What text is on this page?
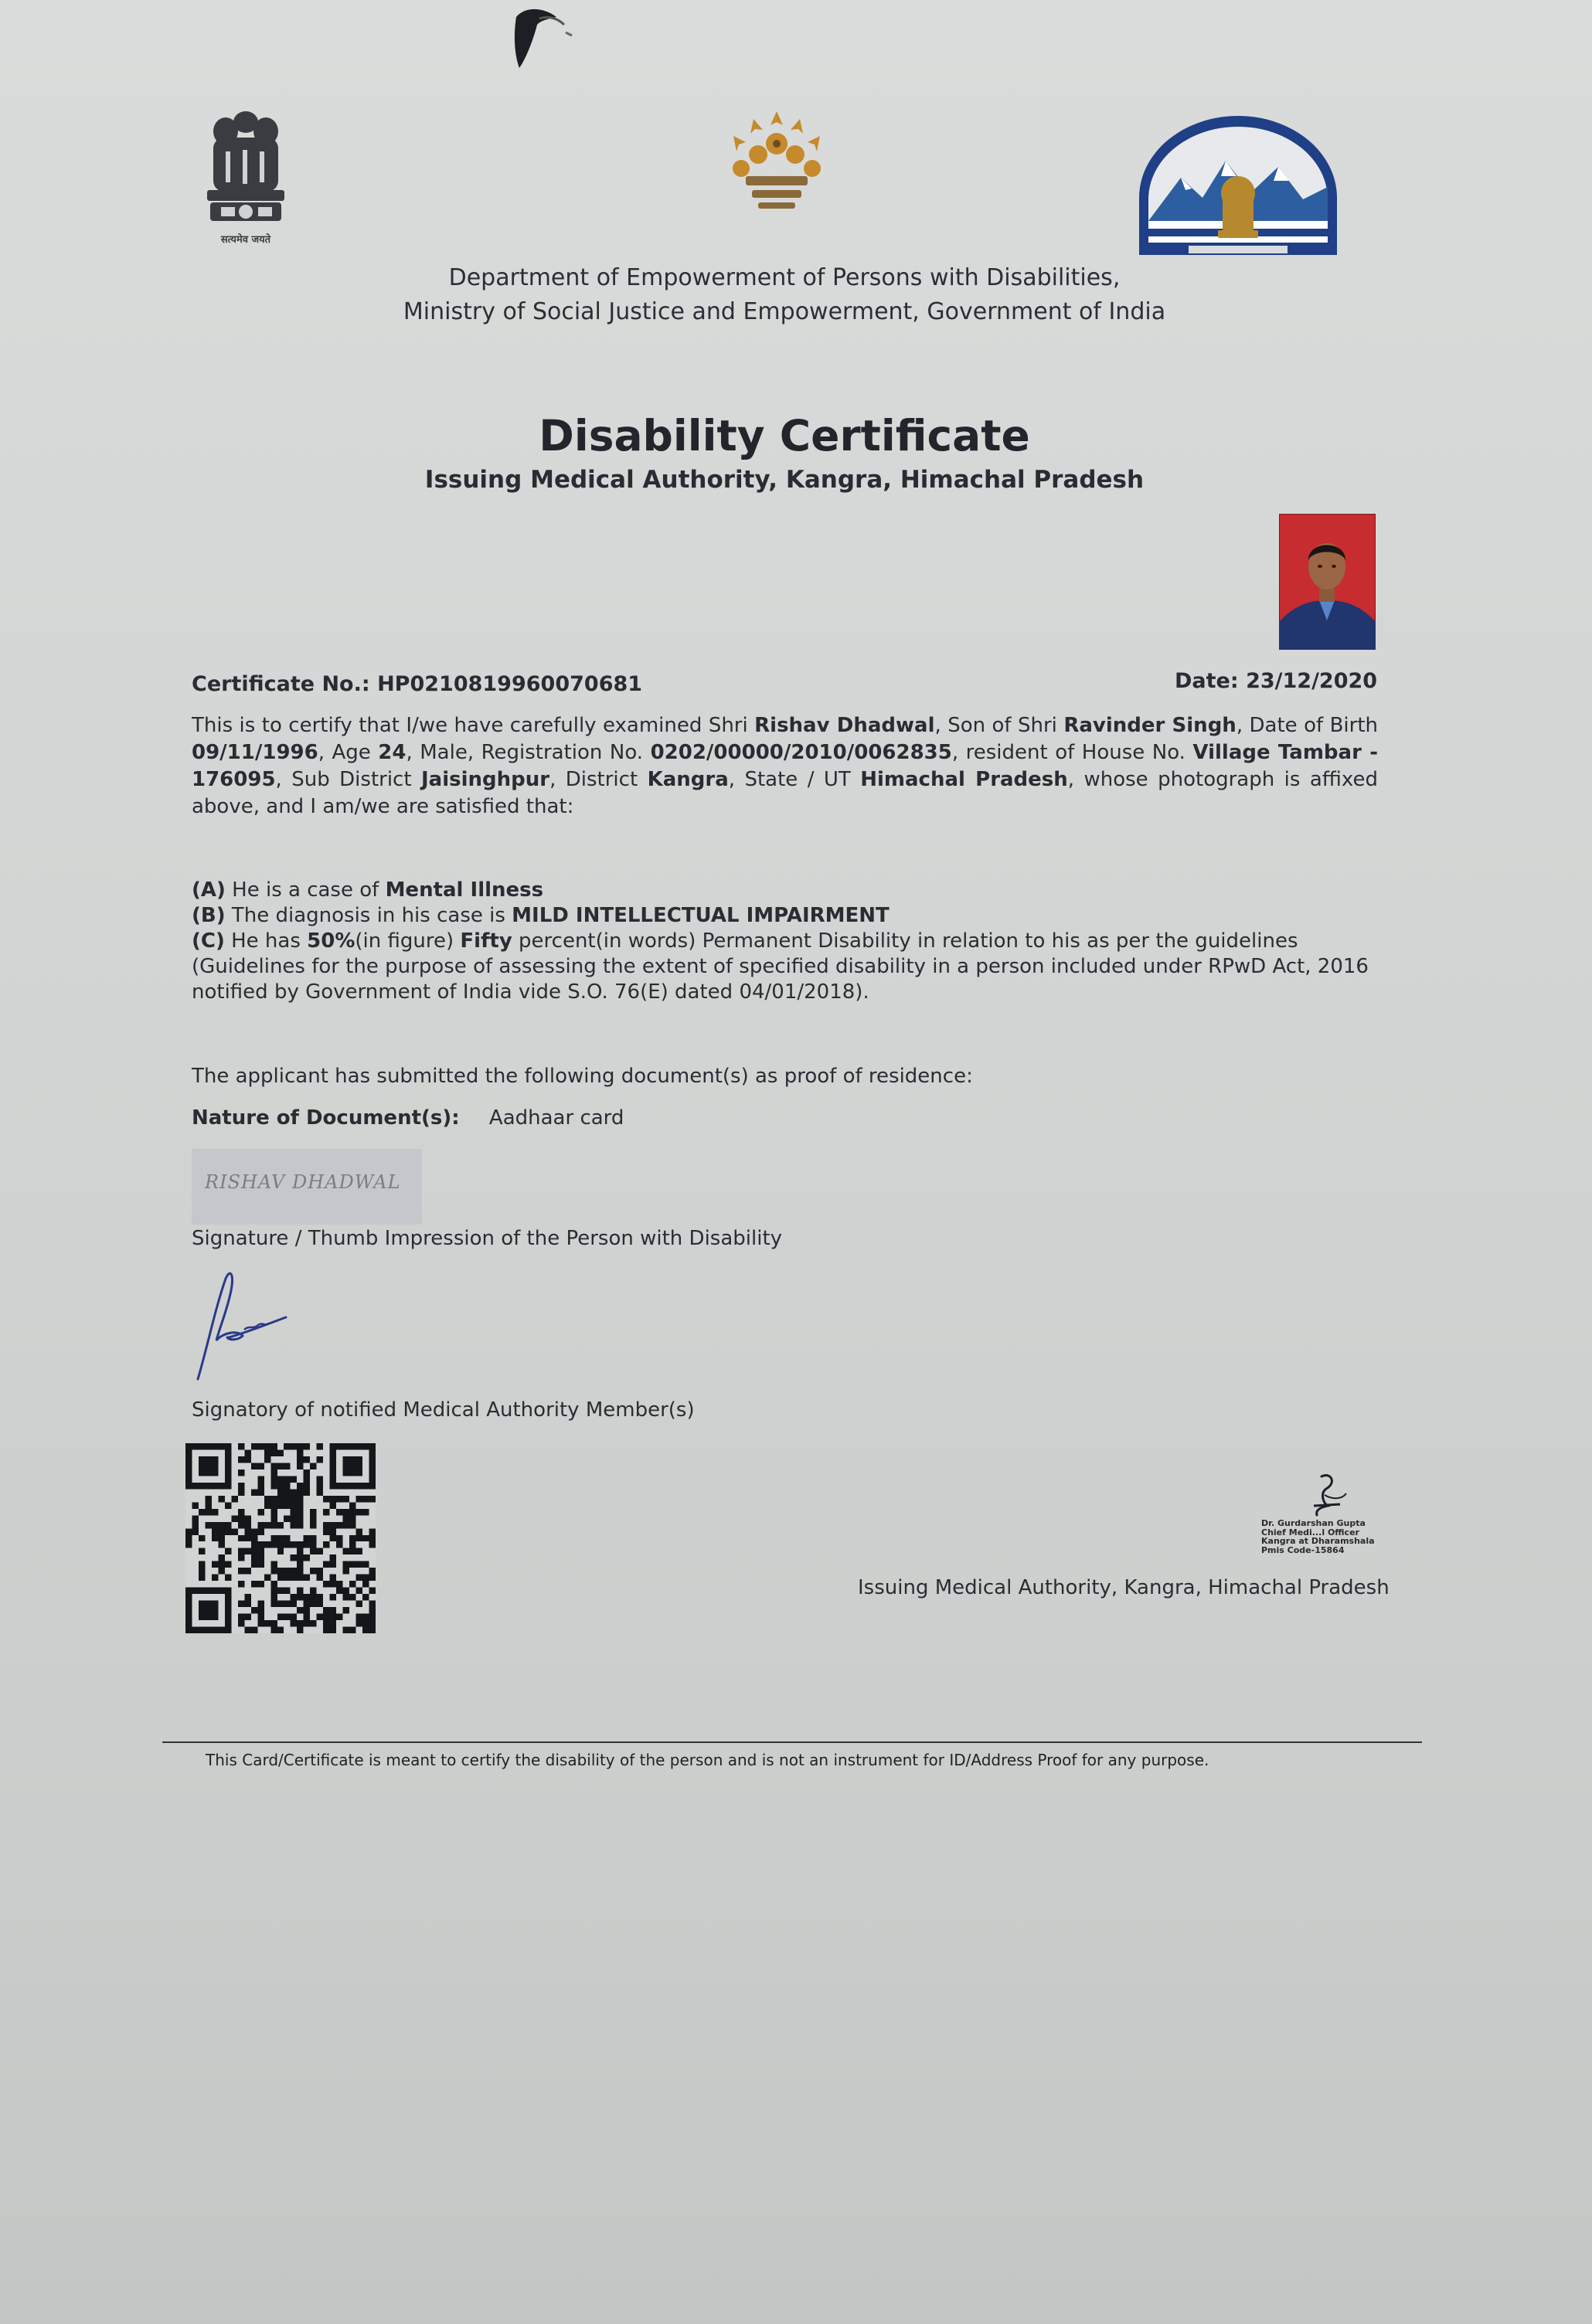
सत्यमेव जयते
Department of Empowerment of Persons with Disabilities,
Ministry of Social Justice and Empowerment, Government of India
Disability Certificate
Issuing Medical Authority, Kangra, Himachal Pradesh
Certificate No.: HP0210819960070681	Date: 23/12/2020
This is to certify that I/we have carefully examined Shri Rishav Dhadwal, Son of Shri Ravinder Singh, Date of Birth 09/11/1996, Age 24, Male, Registration No. 0202/00000/2010/0062835, resident of House No. Village Tambar - 176095, Sub District Jaisinghpur, District Kangra, State / UT Himachal Pradesh, whose photograph is affixed above, and I am/we are satisfied that:
(A) He is a case of Mental Illness
(B) The diagnosis in his case is MILD INTELLECTUAL IMPAIRMENT
(C) He has 50%(in figure) Fifty percent(in words) Permanent Disability in relation to his as per the guidelines (Guidelines for the purpose of assessing the extent of specified disability in a person included under RPwD Act, 2016 notified by Government of India vide S.O. 76(E) dated 04/01/2018).
The applicant has submitted the following document(s) as proof of residence:
Nature of Document(s): Aadhaar card
RISHAV DHADWAL
Signature / Thumb Impression of the Person with Disability
Signatory of notified Medical Authority Member(s)
Dr. Gurdarshan Gupta
Chief Medi...l Officer
Kangra at Dharamshala
Pmis Code-15864
Issuing Medical Authority, Kangra, Himachal Pradesh
This Card/Certificate is meant to certify the disability of the person and is not an instrument for ID/Address Proof for any purpose.
